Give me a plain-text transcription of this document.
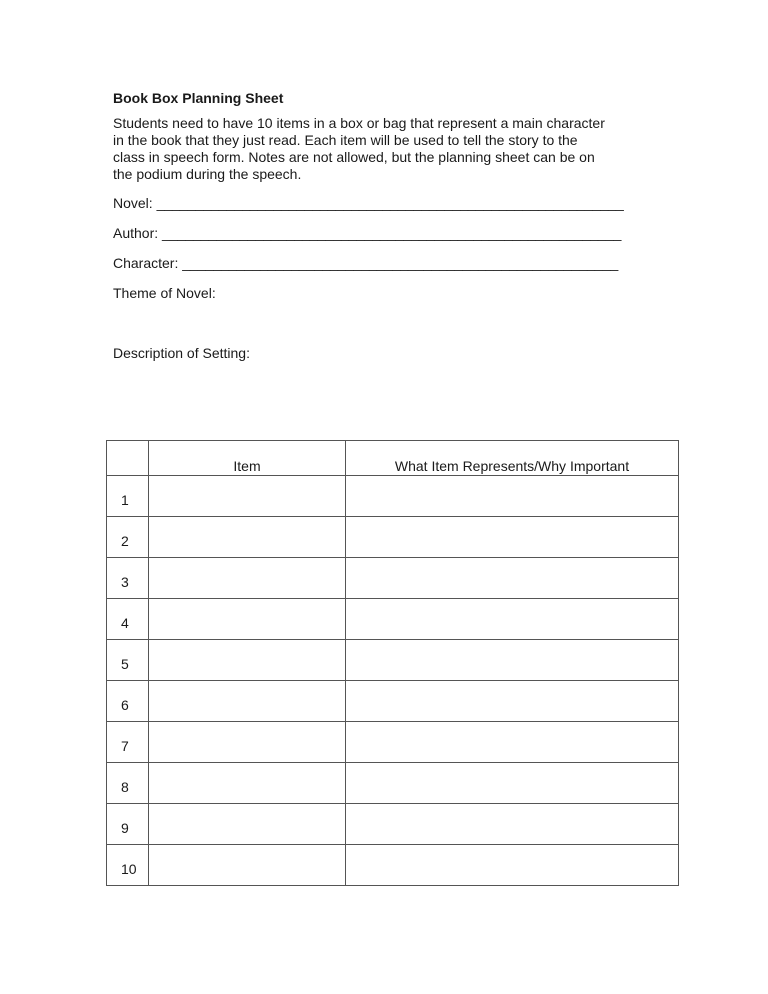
Book Box Planning Sheet
Students need to have 10 items in a box or bag that represent a main character
in the book that they just read. Each item will be used to tell the story to the
class in speech form. Notes are not allowed, but the planning sheet can be on
the podium during the speech.
Novel: ____________________________________________________________
Author: ___________________________________________________________
Character: ________________________________________________________
Theme of Novel:
Description of Setting:
	Item	What Item Represents/Why Important
1		
2		
3		
4		
5		
6		
7		
8		
9		
10		
